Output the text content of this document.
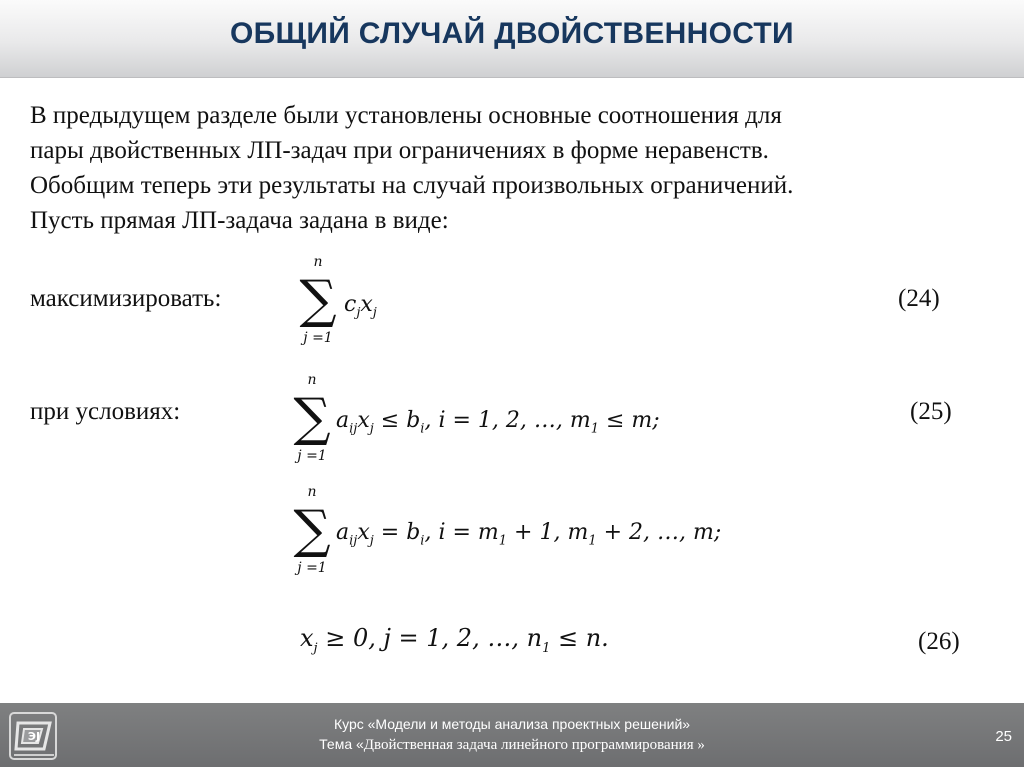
ОБЩИЙ СЛУЧАЙ ДВОЙСТВЕННОСТИ
В предыдущем разделе были установлены основные соотношения для
пары двойственных ЛП-задач при ограничениях в форме неравенств.
Обобщим теперь эти результаты на случай произвольных ограничений.
Пусть прямая ЛП-задача задана в виде:
максимизировать:
n
∑
j =1
$c_jx_j$
(24)
при условиях:
n
∑
j =1
$a_{ij}x_j \le b_i$, i = 1, 2, …, $m_1 \le m$;	(25)
n
∑
j =1
$a_{ij}x_j = b_i$, $i = m_1 + 1$, $m_1 + 2$, …, m;
$x_j \ge 0$, j = 1, 2, …, $n_1 \le n$.	(26)
ЭJ
Курс «Модели и методы анализа проектных решений»
Тема «Двойственная задача линейного программирования »	25
